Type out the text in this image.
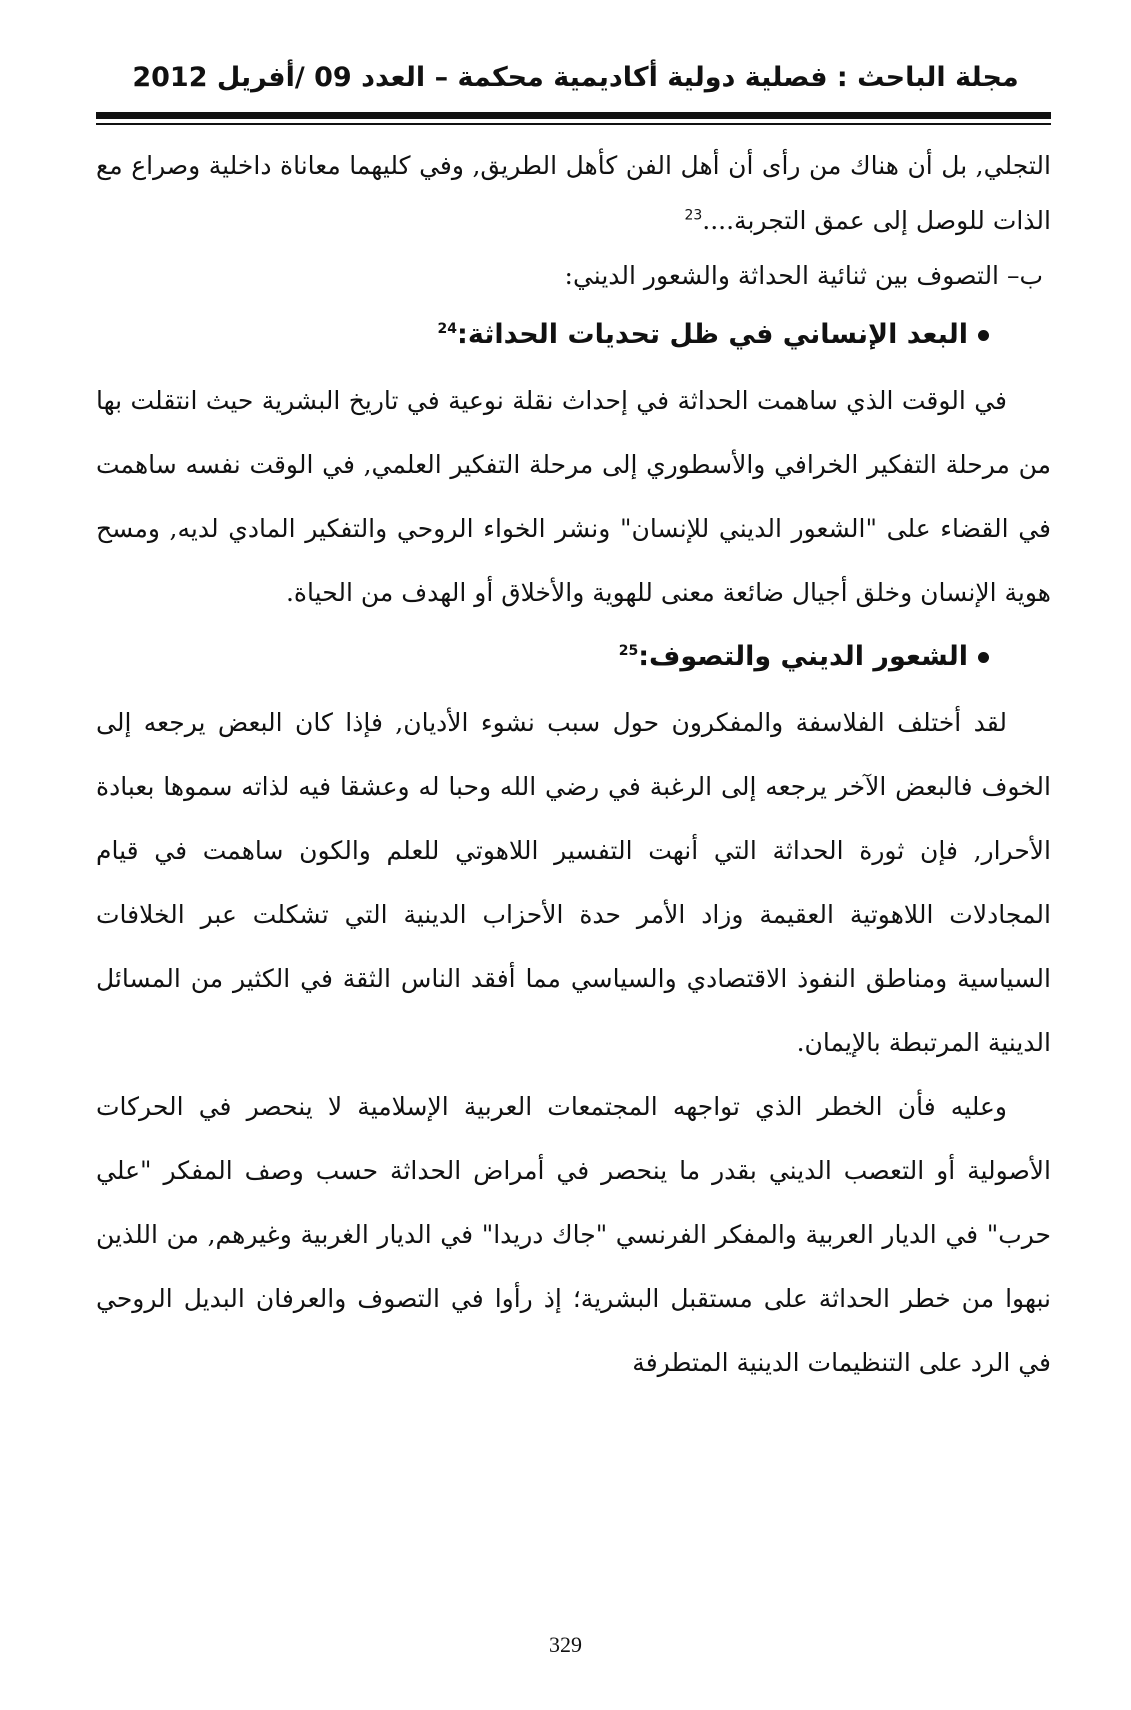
مجلة الباحث : فصلية دولية أكاديمية محكمة – العدد 09 /أفريل 2012

التجلي, بل أن هناك من رأى أن أهل الفن كأهل الطريق, وفي كليهما معاناة داخلية وصراع مع الذات للوصل إلى عمق التجربة....$^{23}$

ب– التصوف بين ثنائية الحداثة والشعور الديني:

البعد الإنساني في ظل تحديات الحداثة:$^{24}$

في الوقت الذي ساهمت الحداثة في إحداث نقلة نوعية في تاريخ البشرية حيث انتقلت بها من مرحلة التفكير الخرافي والأسطوري إلى مرحلة التفكير العلمي, في الوقت نفسه ساهمت في القضاء على "الشعور الديني للإنسان" ونشر الخواء الروحي والتفكير المادي لديه, ومسح هوية الإنسان وخلق أجيال ضائعة معنى للهوية والأخلاق أو الهدف من الحياة.

الشعور الديني والتصوف:$^{25}$

لقد أختلف الفلاسفة والمفكرون حول سبب نشوء الأديان, فإذا كان البعض يرجعه إلى الخوف فالبعض الآخر يرجعه إلى الرغبة في رضي الله وحبا له وعشقا فيه لذاته سموها بعبادة الأحرار, فإن ثورة الحداثة التي أنهت التفسير اللاهوتي للعلم والكون ساهمت في قيام المجادلات اللاهوتية العقيمة وزاد الأمر حدة الأحزاب الدينية التي تشكلت عبر الخلافات السياسية ومناطق النفوذ الاقتصادي والسياسي مما أفقد الناس الثقة في الكثير من المسائل الدينية المرتبطة بالإيمان.

وعليه فأن الخطر الذي تواجهه المجتمعات العربية الإسلامية لا ينحصر في الحركات الأصولية أو التعصب الديني بقدر ما ينحصر في أمراض الحداثة حسب وصف المفكر "علي حرب" في الديار العربية والمفكر الفرنسي "جاك دريدا" في الديار الغربية وغيرهم, من اللذين نبهوا من خطر الحداثة على مستقبل البشرية؛ إذ رأوا في التصوف والعرفان البديل الروحي في الرد على التنظيمات الدينية المتطرفة

329
